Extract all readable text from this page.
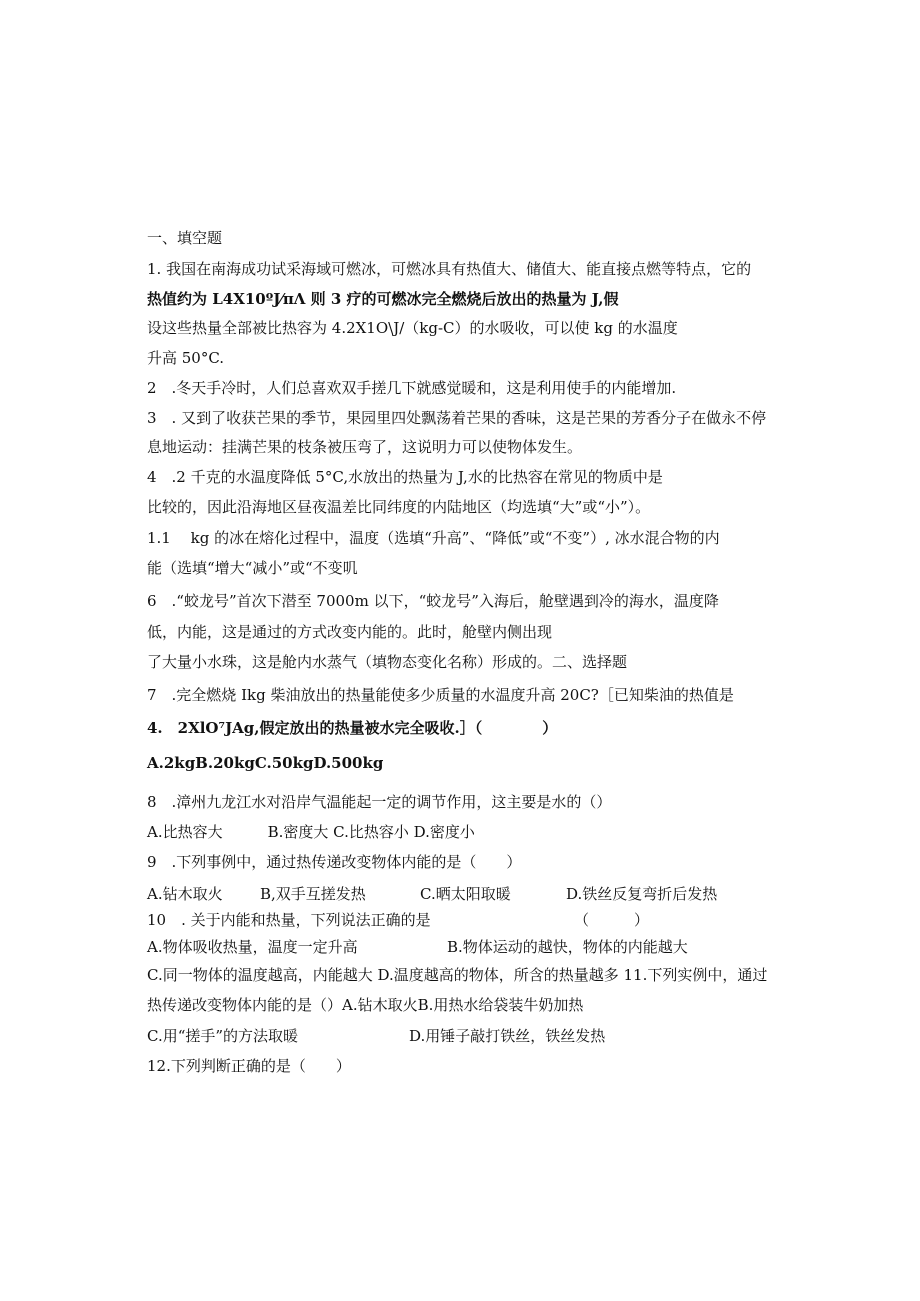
一、填空题
1. 我国在南海成功试采海域可燃冰，可燃冰具有热值大、储值大、能直接点燃等特点，它的
热值约为 L4X10ºJ⁄πΛ 则 3 疗的可燃冰完全燃烧后放出的热量为 J,假
设这些热量全部被比热容为 4.2X1O\J/（kg-C）的水吸收，可以使 kg 的水温度
升高 50°C.
2　.冬天手冷时，人们总喜欢双手搓几下就感觉暖和，这是利用使手的内能增加.
3　. 又到了收获芒果的季节，果园里四处飘荡着芒果的香味，这是芒果的芳香分子在做永不停
息地运动：挂满芒果的枝条被压弯了，这说明力可以使物体发生。
4　.2 千克的水温度降低 5°C,水放出的热量为 J,水的比热容在常见的物质中是
比较的，因此沿海地区昼夜温差比同纬度的内陆地区（均选填“大”或“小”）。
1.1　 kg 的冰在熔化过程中，温度（选填“升高”、“降低”或“不变”）, 冰水混合物的内
能（选填“增大“减小”或“不变叽
6　.“蛟龙号”首次下潜至 7000m 以下，“蛟龙号”入海后，舱壁遇到冷的海水，温度降
低，内能，这是通过的方式改变内能的。此时，舱壁内侧出现
了大量小水珠，这是舱内水蒸气（填物态变化名称）形成的。二、选择题
7　.完全燃烧 Ikg 柴油放出的热量能使多少质量的水温度升高 20C?［已知柴油的热值是
4.　2XlO⁷JAg,假定放出的热量被水完全吸收.］（　　　　）
A.2kgB.20kgC.50kgD.500kg
8　.漳州九龙江水对沿岸气温能起一定的调节作用，这主要是水的（）
A.比热容大　　　B.密度大 C.比热容小 D.密度小
9　.下列事例中，通过热传递改变物体内能的是（　　）
A.钻木取火 B,双手互搓发热	C.晒太阳取暖	D.铁丝反复弯折后发热
10　. 关于内能和热量，下列说法正确的是	（　　　）
A.物体吸收热量，温度一定升高	B.物体运动的越快，物体的内能越大
C.同一物体的温度越高，内能越大 D.温度越高的物体，所含的热量越多 11.下列实例中，通过
热传递改变物体内能的是（）A.钻木取火B.用热水给袋装牛奶加热
C.用“搓手”的方法取暖	D.用锤子敲打铁丝，铁丝发热
12.下列判断正确的是（　　）
